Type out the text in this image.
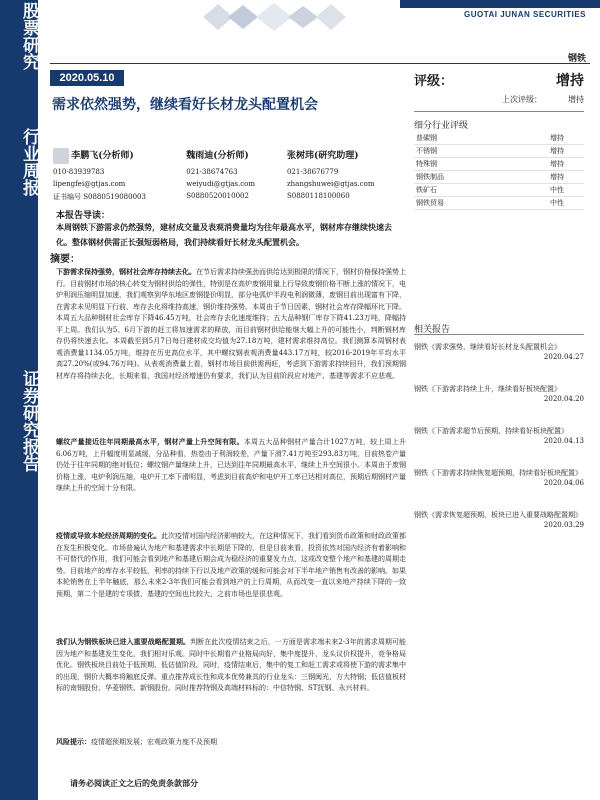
股票研究
行业周报
证券研究报告
GUOTAI JUNAN SECURITIES
钢铁
2020.05.10
需求依然强势，继续看好长材龙头配置机会
评级：	增持
上次评级：	增持
细分行业评级
普碳钢	增持
不锈钢	增持
特殊钢	增持
钢铁制品	增持
铁矿石	中性
钢铁贸易	中性
李鹏飞(分析师)	魏雨迪(分析师)	张树玮(研究助理)
010-83939783	021-38674763	021-38676779
lipengfei@gtjas.com	weiyudi@gtjas.com	zhangshuwei@gtjas.com
证书编号 S0880519080003	S0880520010002	S0880118100060
本报告导读：
本周钢铁下游需求仍然强势，建材成交量及表观消费量均为往年最高水平，钢材库存继续快速去化。整体钢材供需正长强短弱格局，我们持续看好长材龙头配置机会。
摘要：
下游需求保持强势，钢材社会库存持续去化。在节后需求持续强劲而供给达到极限的情况下，钢材价格保持强势上行。目前钢材市场的核心转变为钢材供给的弹性，特别是在高炉废钢用量上行导致废钢价格不断上涨的情况下，电炉利润压缩明显加速，我们观察到华东地区废钢提价明显，部分电弧炉半段电利润微薄，废钢目前出现富有下降，在需求未见明显下行前，库存去化将维持高速，钢价维持强势。本周由于节日因素，钢材社会库存降幅环比下降。本周五大品种钢材社会库存下降46.45万吨，社会库存去化速度维持；五大品种钢厂库存下降41.23万吨，降幅持平上周。我们认为5、6月下游的赶工将加速需求的释放，而目前钢材供给能继大幅上升的可能性小，判断钢材库存仍将快速去化。本周截至到5月7日每日建材成交均值为27.18万吨，建材需求维持高位。我们测算本周钢材表观消费量1134.05万吨，维持在历史高位水平，其中螺纹钢表观消费量443.17万吨，较2016-2019年平均水平高27.20%(或94.76万吨)。从表观消费量上看，钢材市场目前供需两旺，考虑到下游需求持续回升，我们预期钢材库存将持续去化，长期来看，我国对经济增速仍有要求，我们认为目前阶段应对地产、基建等需求不应悲观。
螺纹产量接近往年同期最高水平，钢材产量上升空间有限。本周五大品种钢材产量合计1027万吨，较上周上升6.06万吨，上升幅度明显减缓，分品种看，热卷由于利润较差，产量下滑7.41万吨至293.83万吨，目前热卷产量仍处于往年同期的绝对低位；螺纹钢产量继续上升，已达到往年同期最高水平，继续上升空间很小。本周由于废钢价格上涨，电炉利润压缩，电炉开工率下滑明显，考虑到目前高炉和电炉开工率已达相对高位，预期后期钢材产量继续上升的空间十分有限。
疫情或导致本轮经济周期的变化。此次疫情对国内经济影响较大，在这种情况下，我们看到货币政策和财政政策都在发生积极变化。市场普遍认为地产和基建需求中长期是下降的，但是目前来看，投资依然对国内经济有着影响和不可替代的作用，我们可能会看到地产和基建后期会成为稳经济的重要发力点，这或改变整个地产和基建的周期走势。目前地产的库存水平较低，利率的持续下行以及地产政策的缓和可能会对下半年地产销售有改善的影响。如果本轮销售在上半年触底，那么未来2-3年我们可能会看到地产的上行周期，从而改变一直以来地产持续下降的一致预期，第二个是建的专项债，基建的空间也比较大，之前市场也是很悲观。
我们认为钢铁板块已进入重要战略配置期。判断在此次疫情结束之后，一方面是需求端未来2-3年的需求周期可能因为地产和基建发生变化，我们相对乐观。同时中长期看产业格局向好，集中度提升，龙头议价权提升，竞争格局优化。钢铁板块目前处于低预期、低估值阶段。同时，疫情结束后，集中的复工和赶工需求或将使下游的需求集中的出现，钢价大概率将触底反弹。重点推荐成长性和成本优势兼具的行业龙头：三钢闽光、方大特钢；低估值板材标的南钢股份、华菱钢铁、新钢股份。同时推荐特钢及高端材料标的：中信特钢、ST抚钢、永兴材料。
风险提示：疫情超预期发展；宏观政策力度不及预期
相关报告

钢铁《需求强势，继续看好长材龙头配置机会》

2020.04.27

钢铁《下游需求持续上升，继续看好板块配置》

2020.04.20

钢铁《下游需求超节后预期，持续看好板块配置》

2020.04.13

钢铁《下游需求持续恢复超预期，持续看好板块配置》

2020.04.06

钢铁《需求恢复超预期，板块已进入重要战略配置期》

2020.03.29
请务必阅读正文之后的免责条款部分
